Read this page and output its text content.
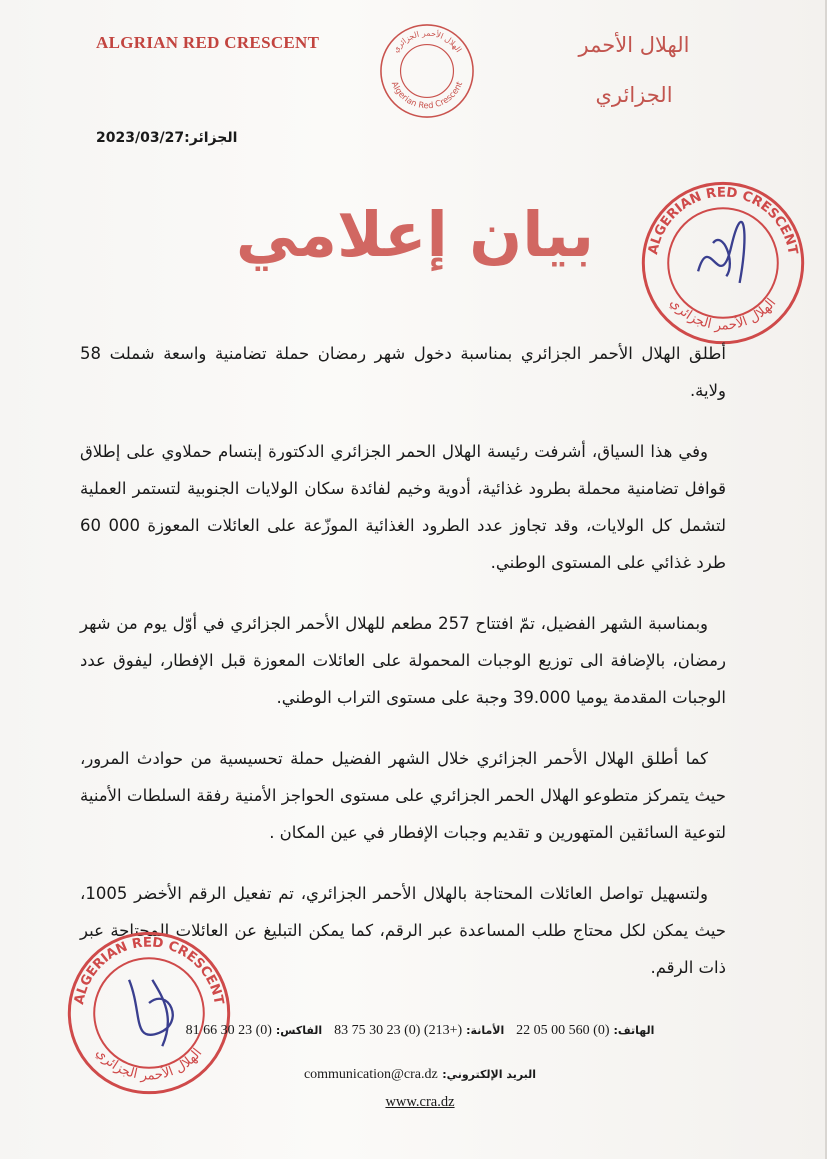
ALGRIAN RED CRESCENT	الهلال الأحمر
الجزائري
Algerian Red Crescent
الهلال الأحمر الجزائري
الجزائر:2023/03/27
بيان إعلامي	ALGERIAN RED CRESCENT
الهلال الأحمر الجزائري

أطلق الهلال الأحمر الجزائري بمناسبة دخول شهر رمضان حملة تضامنية واسعة شملت 58 ولاية.

وفي هذا السياق، أشرفت رئيسة الهلال الحمر الجزائري الدكتورة إبتسام حملاوي على إطلاق قوافل تضامنية محملة بطرود غذائية، أدوية وخيم لفائدة سكان الولايات الجنوبية لتستمر العملية لتشمل كل الولايات، وقد تجاوز عدد الطرود الغذائية الموزّعة على العائلات المعوزة 000 60 طرد غذائي على المستوى الوطني.

وبمناسبة الشهر الفضيل، تمّ افتتاح 257 مطعم للهلال الأحمر الجزائري في أوّل يوم من شهر رمضان، بالإضافة الى توزيع الوجبات المحمولة على العائلات المعوزة قبل الإفطار، ليفوق عدد الوجبات المقدمة يوميا 39.000 وجبة على مستوى التراب الوطني.

كما أطلق الهلال الأحمر الجزائري خلال الشهر الفضيل حملة تحسيسية من حوادث المرور، حيث يتمركز متطوعو الهلال الحمر الجزائري على مستوى الحواجز الأمنية رفقة السلطات الأمنية لتوعية السائقين المتهورين و تقديم وجبات الإفطار في عين المكان .

ولتسهيل تواصل العائلات المحتاجة بالهلال الأحمر الجزائري، تم تفعيل الرقم الأخضر 1005، حيث يمكن لكل محتاج طلب المساعدة عبر الرقم، كما يمكن التبليغ عن العائلات المحتاجة عبر ذات الرقم.

ALGERIAN RED CRESCENT
الهلال الأحمر الجزائري
الهاتف: 22 05 00 560 (0)   الأمانة: 83 75 30 23 (0) (213+)   الفاكس: 81 66 30 23 (0)
البريد الإلكتروني: communication@cra.dz
www.cra.dz
